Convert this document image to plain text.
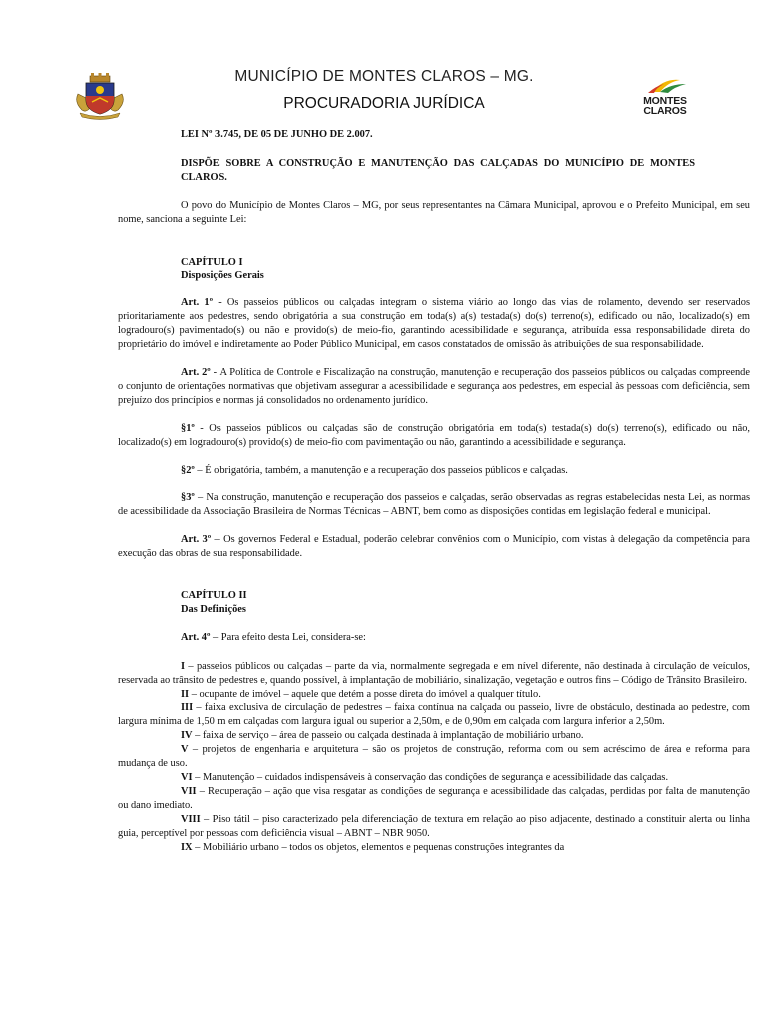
MUNICÍPIO DE MONTES CLAROS – MG.
PROCURADORIA JURÍDICA	MONTES
CLAROS

LEI Nº 3.745, DE 05 DE JUNHO DE 2.007.

DISPÕE SOBRE A CONSTRUÇÃO E MANUTENÇÃO DAS CALÇADAS DO MUNICÍPIO DE MONTES CLAROS.

O povo do Município de Montes Claros – MG, por seus representantes na Câmara Municipal, aprovou e o Prefeito Municipal, em seu nome, sanciona a seguinte Lei:

CAPÍTULO I

Disposições Gerais

Art. 1º - Os passeios públicos ou calçadas integram o sistema viário ao longo das vias de rolamento, devendo ser reservados prioritariamente aos pedestres, sendo obrigatória a sua construção em toda(s) a(s) testada(s) do(s) terreno(s), edificado ou não, localizado(s) em logradouro(s) pavimentado(s) ou não e provido(s) de meio-fio, garantindo acessibilidade e segurança, atribuída essa responsabilidade direta do proprietário do imóvel e indiretamente ao Poder Público Municipal, em casos constatados de omissão às atribuições de sua responsabilidade.

Art. 2º - A Política de Controle e Fiscalização na construção, manutenção e recuperação dos passeios públicos ou calçadas compreende o conjunto de orientações normativas que objetivam assegurar a acessibilidade e segurança aos pedestres, em especial às pessoas com deficiência, sem prejuízo dos princípios e normas já consolidados no ordenamento jurídico.

§1º - Os passeios públicos ou calçadas são de construção obrigatória em toda(s) testada(s) do(s) terreno(s), edificado ou não, localizado(s) em logradouro(s) provido(s) de meio-fio com pavimentação ou não, garantindo a acessibilidade e segurança.

§2º – É obrigatória, também, a manutenção e a recuperação dos passeios públicos e calçadas.

§3º – Na construção, manutenção e recuperação dos passeios e calçadas, serão observadas as regras estabelecidas nesta Lei, as normas de acessibilidade da Associação Brasileira de Normas Técnicas – ABNT, bem como as disposições contidas em legislação federal e municipal.

Art. 3º – Os governos Federal e Estadual, poderão celebrar convênios com o Município, com vistas à delegação da competência para execução das obras de sua responsabilidade.

CAPÍTULO II

Das Definições

Art. 4º – Para efeito desta Lei, considera-se:

I – passeios públicos ou calçadas – parte da via, normalmente segregada e em nível diferente, não destinada à circulação de veículos, reservada ao trânsito de pedestres e, quando possível, à implantação de mobiliário, sinalização, vegetação e outros fins – Código de Trânsito Brasileiro.

II – ocupante de imóvel – aquele que detém a posse direta do imóvel a qualquer título.

III – faixa exclusiva de circulação de pedestres – faixa contínua na calçada ou passeio, livre de obstáculo, destinada ao pedestre, com largura mínima de 1,50 m em calçadas com largura igual ou superior a 2,50m, e de 0,90m em calçada com largura inferior a 2,50m.

IV – faixa de serviço – área de passeio ou calçada destinada à implantação de mobiliário urbano.

V – projetos de engenharia e arquitetura – são os projetos de construção, reforma com ou sem acréscimo de área e reforma para mudança de uso.

VI – Manutenção – cuidados indispensáveis à conservação das condições de segurança e acessibilidade das calçadas.

VII – Recuperação – ação que visa resgatar as condições de segurança e acessibilidade das calçadas, perdidas por falta de manutenção ou dano imediato.

VIII – Piso tátil – piso caracterizado pela diferenciação de textura em relação ao piso adjacente, destinado a constituir alerta ou linha guia, perceptível por pessoas com deficiência visual – ABNT – NBR 9050.

IX – Mobiliário urbano – todos os objetos, elementos e pequenas construções integrantes da
